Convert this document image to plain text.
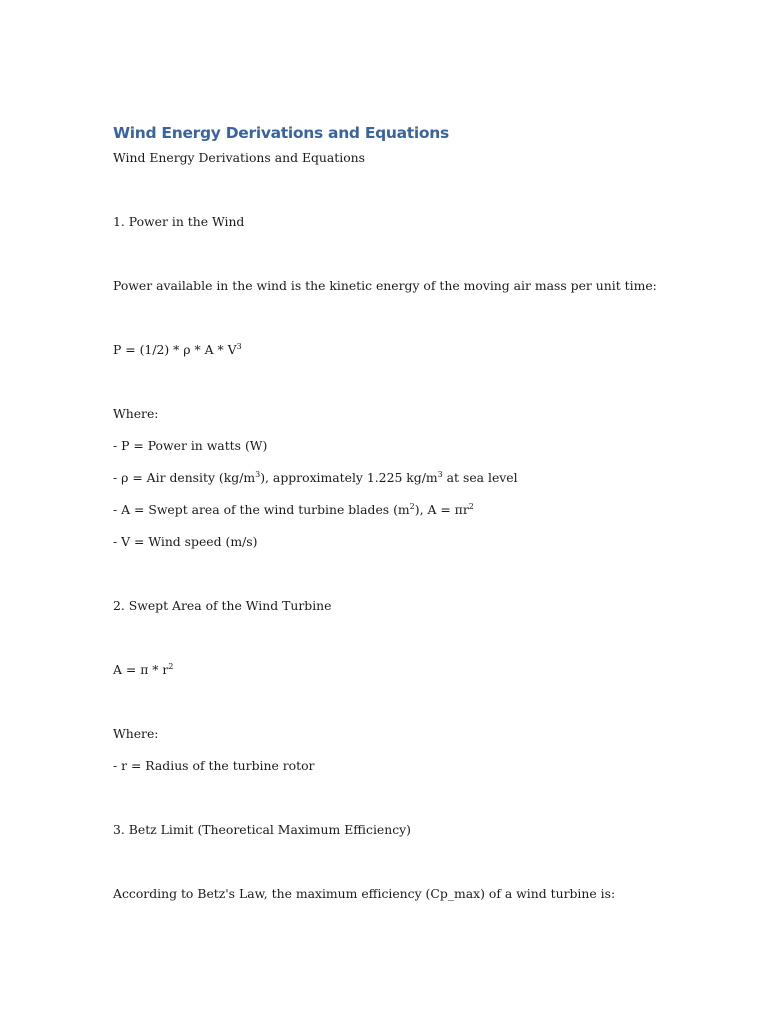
Wind Energy Derivations and Equations
Wind Energy Derivations and Equations
1. Power in the Wind
Power available in the wind is the kinetic energy of the moving air mass per unit time:
$P = (1/2) * \rho * A * V^3$
Where:
- P = Power in watts (W)
- ρ = Air density $(kg/m^3)$, approximately 1.225 $kg/m^3$ at sea level
- A = Swept area of the wind turbine blades $(m^2)$, $A = \pi r^2$
- V = Wind speed (m/s)
2. Swept Area of the Wind Turbine
$A = \pi * r^2$
Where:
- r = Radius of the turbine rotor
3. Betz Limit (Theoretical Maximum Efficiency)
According to Betz's Law, the maximum efficiency (Cp_max) of a wind turbine is:
